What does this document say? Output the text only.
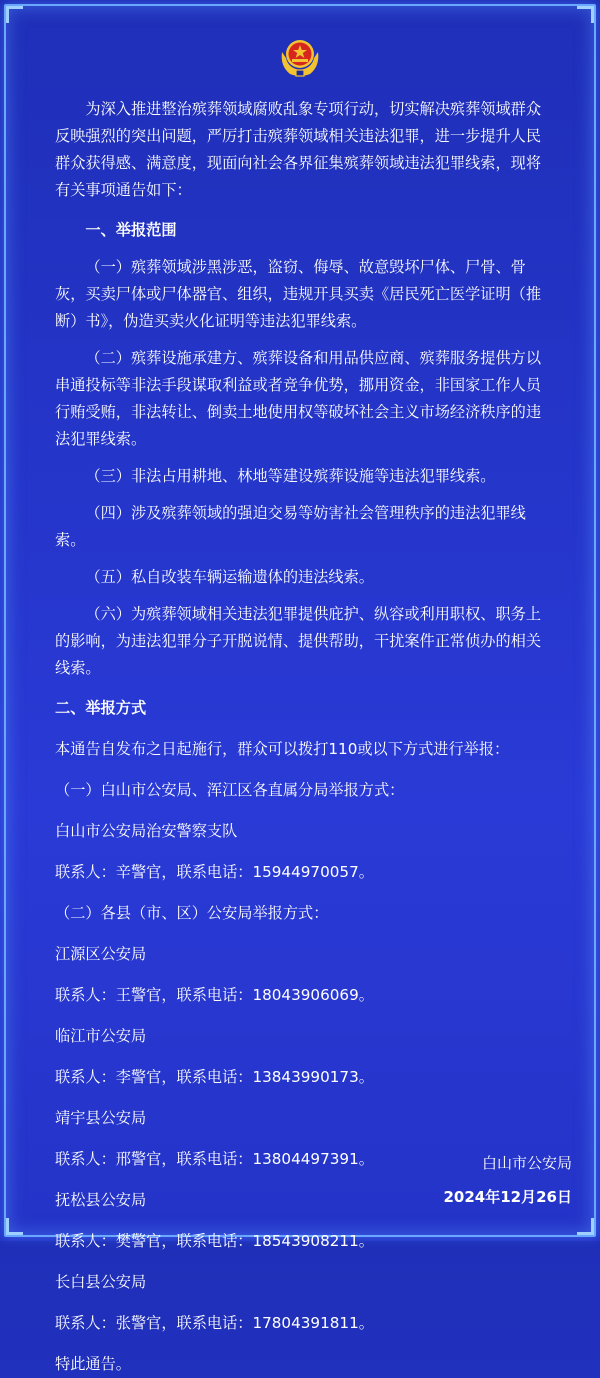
为深入推进整治殡葬领域腐败乱象专项行动，切实解决殡葬领域群众反映强烈的突出问题，严厉打击殡葬领域相关违法犯罪，进一步提升人民群众获得感、满意度，现面向社会各界征集殡葬领域违法犯罪线索，现将有关事项通告如下：

一、举报范围

（一）殡葬领域涉黑涉恶，盗窃、侮辱、故意毁坏尸体、尸骨、骨灰，买卖尸体或尸体器官、组织，违规开具买卖《居民死亡医学证明（推断）书》，伪造买卖火化证明等违法犯罪线索。

（二）殡葬设施承建方、殡葬设备和用品供应商、殡葬服务提供方以串通投标等非法手段谋取利益或者竞争优势，挪用资金，非国家工作人员行贿受贿，非法转让、倒卖土地使用权等破坏社会主义市场经济秩序的违法犯罪线索。

（三）非法占用耕地、林地等建设殡葬设施等违法犯罪线索。

（四）涉及殡葬领域的强迫交易等妨害社会管理秩序的违法犯罪线索。

（五）私自改装车辆运输遗体的违法线索。

（六）为殡葬领域相关违法犯罪提供庇护、纵容或利用职权、职务上的影响，为违法犯罪分子开脱说情、提供帮助，干扰案件正常侦办的相关线索。

二、举报方式

本通告自发布之日起施行，群众可以拨打110或以下方式进行举报：

（一）白山市公安局、浑江区各直属分局举报方式：

白山市公安局治安警察支队

联系人：辛警官，联系电话：15944970057。

（二）各县（市、区）公安局举报方式：

江源区公安局

联系人：王警官，联系电话：18043906069。

临江市公安局

联系人：李警官，联系电话：13843990173。

靖宇县公安局

联系人：邢警官，联系电话：13804497391。

抚松县公安局

联系人：樊警官，联系电话：18543908211。

长白县公安局

联系人：张警官，联系电话：17804391811。

特此通告。

白山市公安局
2024年12月26日
